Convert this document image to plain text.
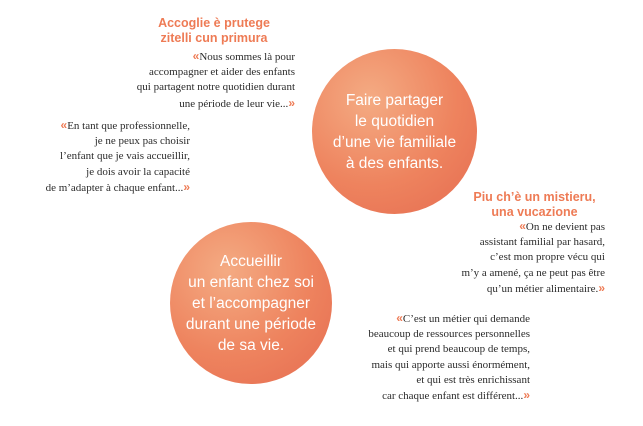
Faire partager
le quotidien
d’une vie familiale
à des enfants.
Accueillir
un enfant chez soi
et l’accompagner
durant une période
de sa vie.
Accoglie è prutege
zitelli cun primura
«Nous sommes là pour
accompagner et aider des enfants
qui partagent notre quotidien durant
une période de leur vie...»
«En tant que professionnelle,
je ne peux pas choisir
l’enfant que je vais accueillir,
je dois avoir la capacité
de m’adapter à chaque enfant...»
Piu ch’è un mistieru,
una vucazione
«On ne devient pas
assistant familial par hasard,
c’est mon propre vécu qui
m’y a amené, ça ne peut pas être
qu’un métier alimentaire.»
«C’est un métier qui demande
beaucoup de ressources personnelles
et qui prend beaucoup de temps,
mais qui apporte aussi énormément,
et qui est très enrichissant
car chaque enfant est différent...»
